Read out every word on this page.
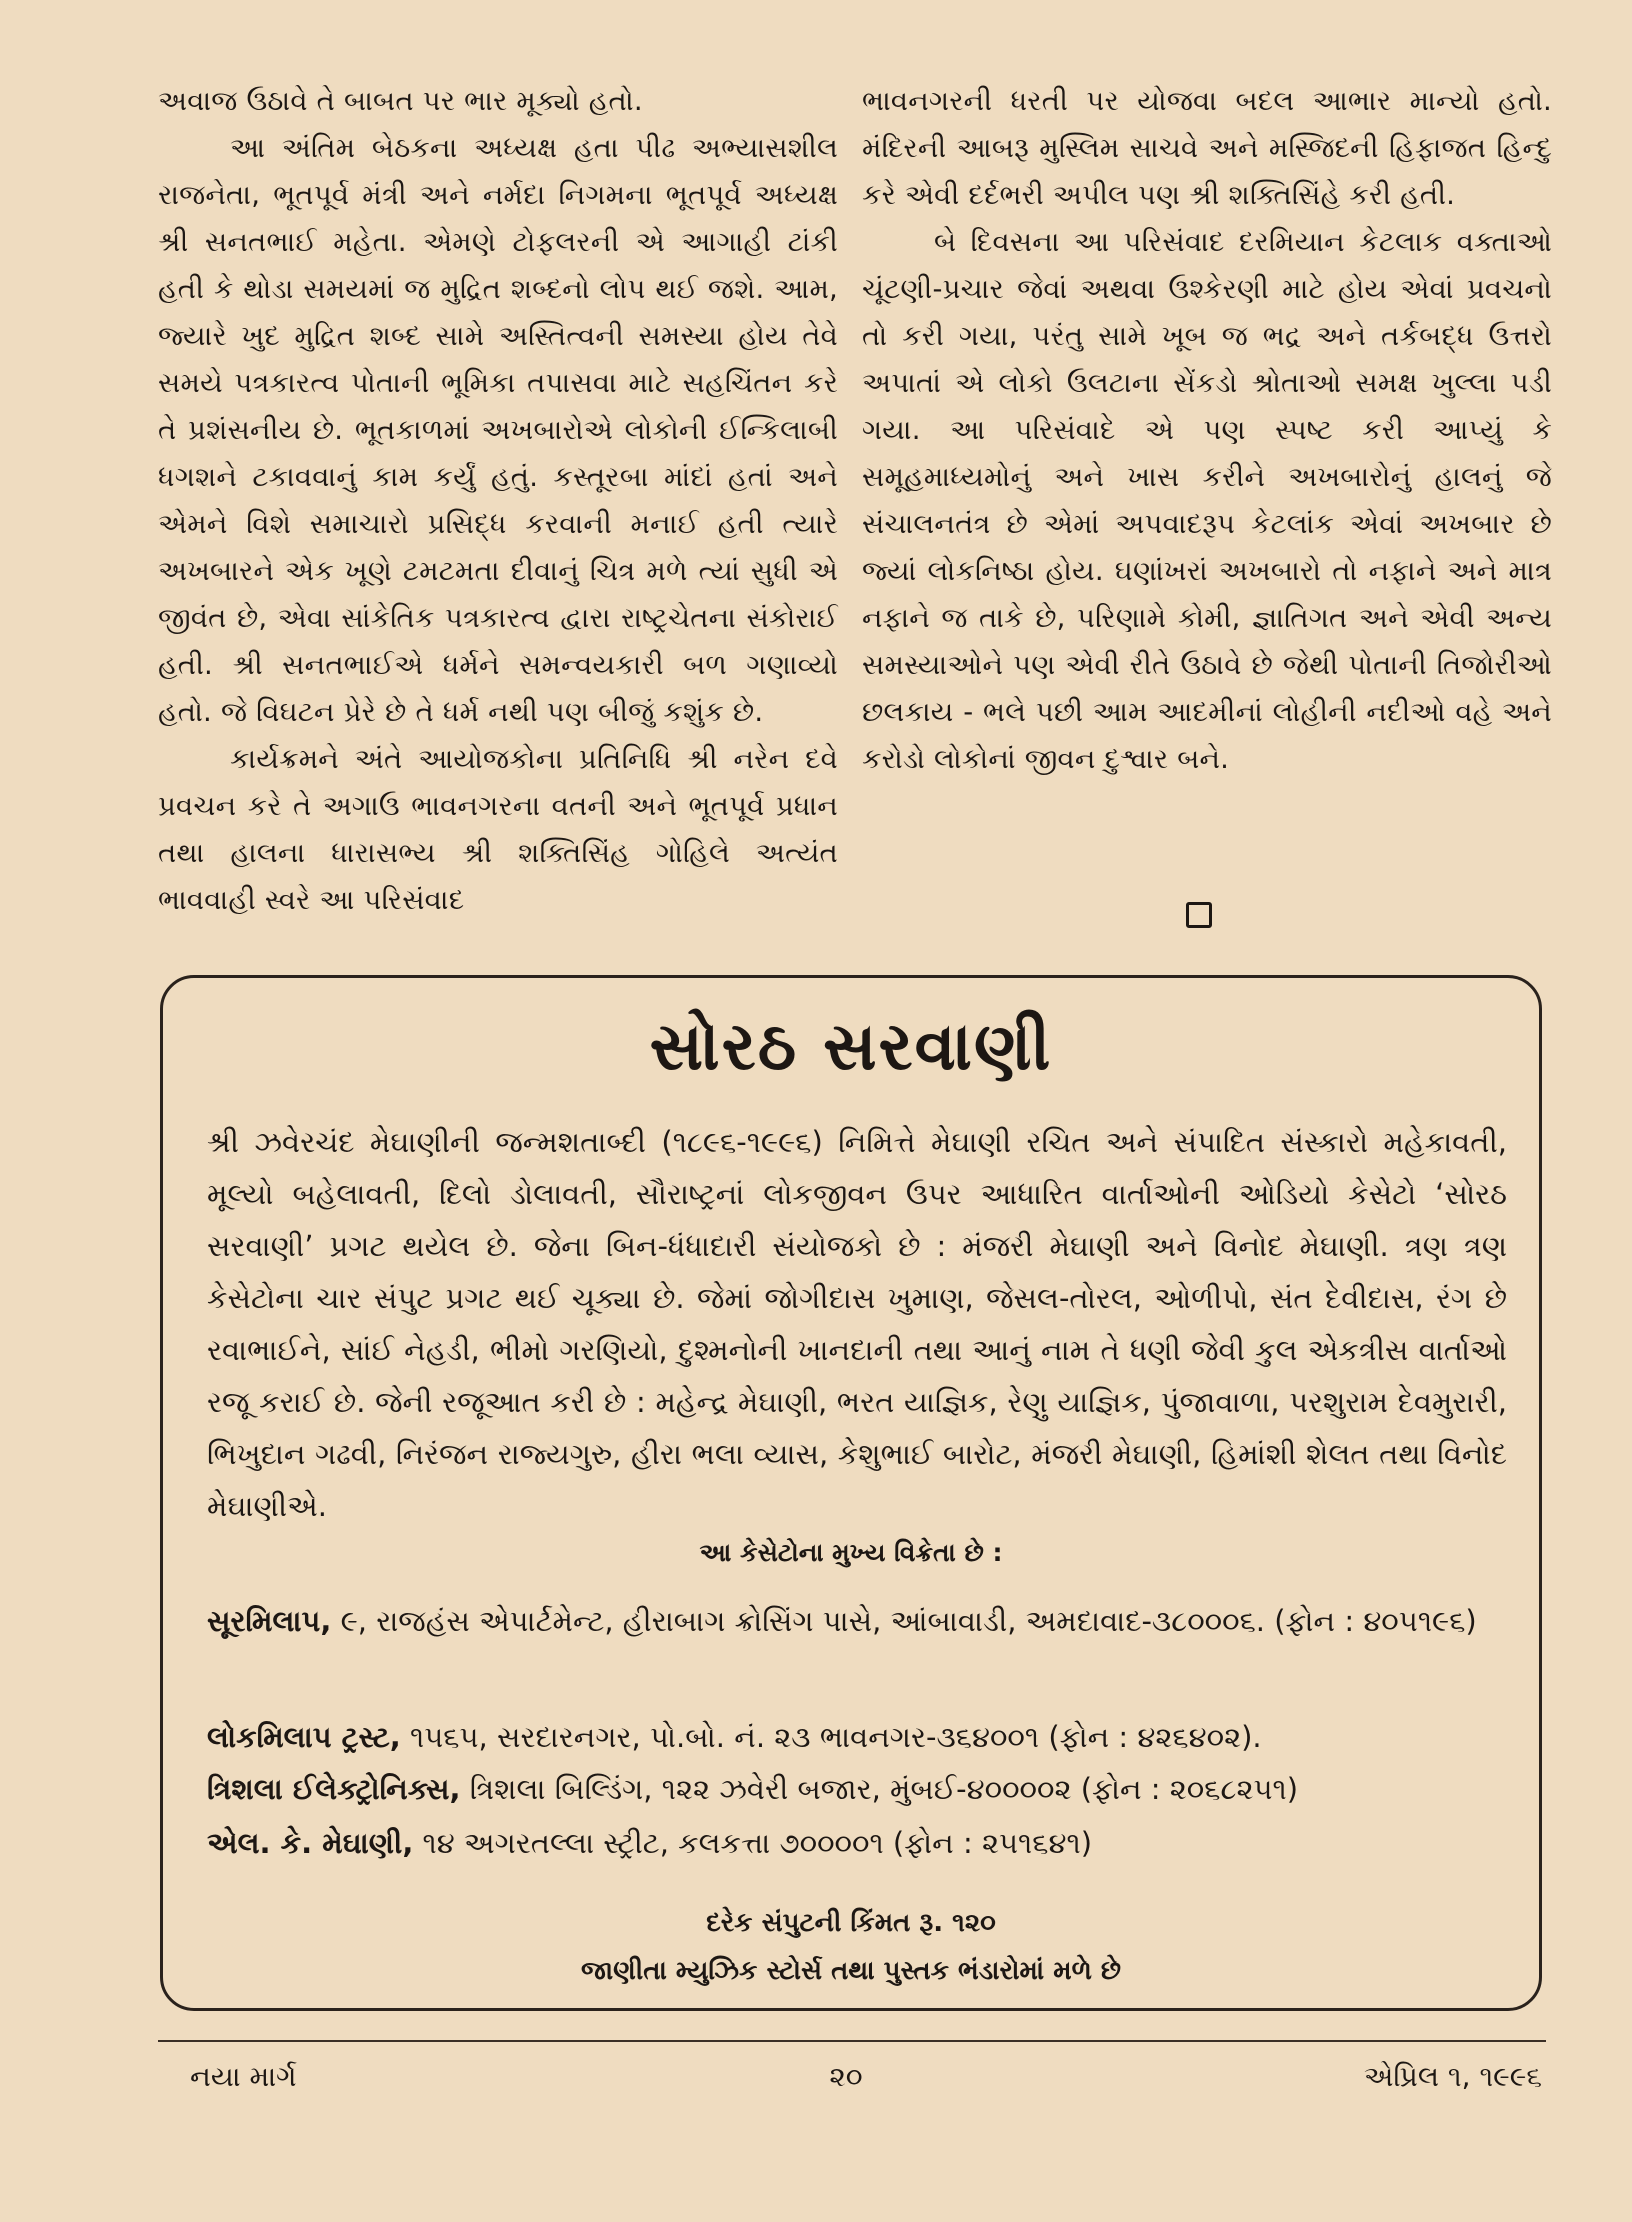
અવાજ ઉઠાવે તે બાબત પર ભાર મૂક્યો હતો.

આ અંતિમ બેઠકના અધ્યક્ષ હતા પીઢ અભ્યાસશીલ રાજનેતા, ભૂતપૂર્વ મંત્રી અને નર્મદા નિગમના ભૂતપૂર્વ અધ્યક્ષ શ્રી સનતભાઈ મહેતા. એમણે ટોફલરની એ આગાહી ટાંકી હતી કે થોડા સમયમાં જ મુદ્રિત શબ્દનો લોપ થઈ જશે. આમ, જ્યારે ખુદ મુદ્રિત શબ્દ સામે અસ્તિત્વની સમસ્યા હોય તેવે સમયે પત્રકારત્વ પોતાની ભૂમિકા તપાસવા માટે સહચિંતન કરે તે પ્રશંસનીય છે. ભૂતકાળમાં અખબારોએ લોકોની ઈન્કિલાબી ધગશને ટકાવવાનું કામ કર્યું હતું. કસ્તૂરબા માંદાં હતાં અને એમને વિશે સમાચારો પ્રસિદ્ધ કરવાની મનાઈ હતી ત્યારે અખબારને એક ખૂણે ટમટમતા દીવાનું ચિત્ર મળે ત્યાં સુધી એ જીવંત છે, એવા સાંકેતિક પત્રકારત્વ દ્વારા રાષ્ટ્રચેતના સંકોરાઈ હતી. શ્રી સનતભાઈએ ધર્મને સમન્વયકારી બળ ગણાવ્યો હતો. જે વિઘટન પ્રેરે છે તે ધર્મ નથી પણ બીજું કશુંક છે.

કાર્યક્રમને અંતે આયોજકોના પ્રતિનિધિ શ્રી નરેન દવે પ્રવચન કરે તે અગાઉ ભાવનગરના વતની અને ભૂતપૂર્વ પ્રધાન તથા હાલના ધારાસભ્ય શ્રી શક્તિસિંહ ગોહિલે અત્યંત ભાવવાહી સ્વરે આ પરિસંવાદ

ભાવનગરની ધરતી પર યોજવા બદલ આભાર માન્યો હતો. મંદિરની આબરૂ મુસ્લિમ સાચવે અને મસ્જિદની હિફાજત હિન્દુ કરે એવી દર્દભરી અપીલ પણ શ્રી શક્તિસિંહે કરી હતી.

બે દિવસના આ પરિસંવાદ દરમિયાન કેટલાક વક્તાઓ ચૂંટણી-પ્રચાર જેવાં અથવા ઉશ્કેરણી માટે હોય એવાં પ્રવચનો તો કરી ગયા, પરંતુ સામે ખૂબ જ ભદ્ર અને તર્કબદ્ધ ઉત્તરો અપાતાં એ લોકો ઉલટાના સેંકડો શ્રોતાઓ સમક્ષ ખુલ્લા પડી ગયા. આ પરિસંવાદે એ પણ સ્પષ્ટ કરી આપ્યું કે સમૂહમાધ્યમોનું અને ખાસ કરીને અખબારોનું હાલનું જે સંચાલનતંત્ર છે એમાં અપવાદરૂપ કેટલાંક એવાં અખબાર છે જ્યાં લોકનિષ્ઠા હોય. ઘણાંખરાં અખબારો તો નફાને અને માત્ર નફાને જ તાકે છે, પરિણામે કોમી, જ્ઞાતિગત અને એવી અન્ય સમસ્યાઓને પણ એવી રીતે ઉઠાવે છે જેથી પોતાની તિજોરીઓ છલકાય - ભલે પછી આમ આદમીનાં લોહીની નદીઓ વહે અને કરોડો લોકોનાં જીવન દુશ્વાર બને.

સોરઠ સરવાણી

શ્રી ઝવેરચંદ મેઘાણીની જન્મશતાબ્દી (૧૮૯૬-૧૯૯૬) નિમિત્તે મેઘાણી રચિત અને સંપાદિત સંસ્કારો મહેકાવતી, મૂલ્યો બહેલાવતી, દિલો ડોલાવતી, સૌરાષ્ટ્રનાં લોકજીવન ઉપર આધારિત વાર્તાઓની ઓડિયો કેસેટો ‘સોરઠ સરવાણી’ પ્રગટ થયેલ છે. જેના બિન-ધંધાદારી સંયોજકો છે : મંજરી મેઘાણી અને વિનોદ મેઘાણી. ત્રણ ત્રણ કેસેટોના ચાર સંપુટ પ્રગટ થઈ ચૂક્યા છે. જેમાં જોગીદાસ ખુમાણ, જેસલ-તોરલ, ઓળીપો, સંત દેવીદાસ, રંગ છે રવાભાઈને, સાંઈ નેહડી, ભીમો ગરણિયો, દુશ્મનોની ખાનદાની તથા આનું નામ તે ધણી જેવી કુલ એકત્રીસ વાર્તાઓ રજૂ કરાઈ છે. જેની રજૂઆત કરી છે : મહેન્દ્ર મેઘાણી, ભરત યાજ્ઞિક, રેણુ યાજ્ઞિક, પુંજાવાળા, પરશુરામ દેવમુરારી, ભિખુદાન ગઢવી, નિરંજન રાજ્યગુરુ, હીરા ભલા વ્યાસ, કેશુભાઈ બારોટ, મંજરી મેઘાણી, હિમાંશી શેલત તથા વિનોદ મેઘાણીએ.

આ કેસેટોના મુખ્ય વિક્રેતા છે :

સૂરમિલાપ, ૯, રાજહંસ એપાર્ટમેન્ટ, હીરાબાગ ક્રોસિંગ પાસે, આંબાવાડી, અમદાવાદ-૩૮૦૦૦૬. (ફોન : ૪૦૫૧૯૬)

લોકમિલાપ ટ્રસ્ટ, ૧૫૬૫, સરદારનગર, પો.બો. નં. ૨૩ ભાવનગર-૩૬૪૦૦૧ (ફોન : ૪૨૬૪૦૨).

ત્રિશલા ઈલેક્ટ્રોનિક્સ, ત્રિશલા બિલ્ડિંગ, ૧૨૨ ઝવેરી બજાર, મુંબઈ-૪૦૦૦૦૨ (ફોન : ૨૦૬૮૨૫૧)

એલ. કે. મેઘાણી, ૧૪ અગરતલ્લા સ્ટ્રીટ, કલકત્તા ૭૦૦૦૦૧ (ફોન : ૨૫૧૬૪૧)

દરેક સંપુટની કિંમત રૂ. ૧૨૦

જાણીતા મ્યુઝિક સ્ટોર્સ તથા પુસ્તક ભંડારોમાં મળે છે

નયા માર્ગ	૨૦	એપ્રિલ ૧, ૧૯૯૬
